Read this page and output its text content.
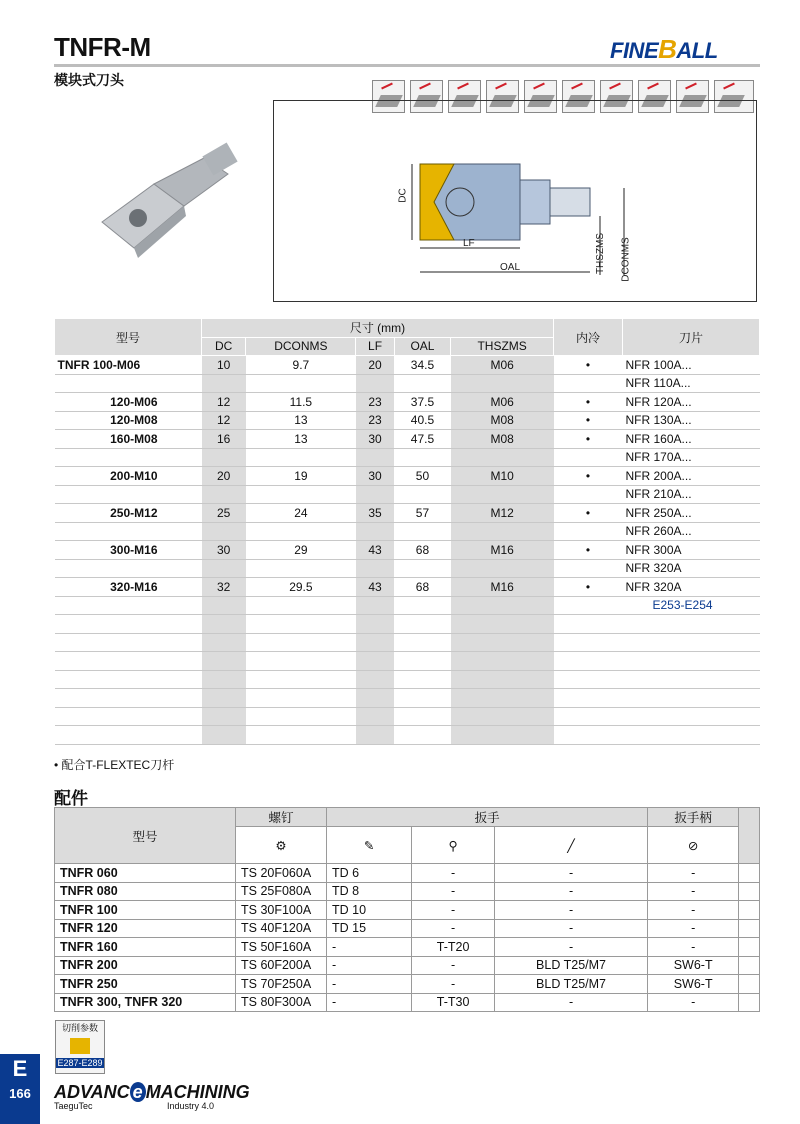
TNFR-M
模块式刀头
FINEBALL
DC
LF
OAL	THSZMS DCONMS
型号	尺寸 (mm)					内冷	刀片
	DC	DCONMS	LF	OAL	THSZMS		
TNFR 100-M06	10	9.7	20	34.5	M06	•	NFR 100A...
							NFR 110A...
120-M06	12	11.5	23	37.5	M06	•	NFR 120A...
120-M08	12	13	23	40.5	M08	•	NFR 130A...
160-M08	16	13	30	47.5	M08	•	NFR 160A...
							NFR 170A...
200-M10	20	19	30	50	M10	•	NFR 200A...
							NFR 210A...
250-M12	25	24	35	57	M12	•	NFR 250A...
							NFR 260A...
300-M16	30	29	43	68	M16	•	NFR 300A
							NFR 320A
320-M16	32	29.5	43	68	M16	•	NFR 320A
							E253-E254

• 配合T-FLEXTEC刀杆
配件
型号	螺钉	扳手			扳手柄	
	⚙	✎	⚲	╱	⊘	
TNFR 060	TS 20F060A	TD 6	-	-	-	
TNFR 080	TS 25F080A	TD 8	-	-	-	
TNFR 100	TS 30F100A	TD 10	-	-	-	
TNFR 120	TS 40F120A	TD 15	-	-	-	
TNFR 160	TS 50F160A	-	T-T20	-	-	
TNFR 200	TS 60F200A	-	-	BLD T25/M7	SW6-T	
TNFR 250	TS 70F250A	-	-	BLD T25/M7	SW6-T	
TNFR 300, TNFR 320	TS 80F300A	-	T-T30	-	-	
切削参数
E287-E289
E
166	ADVANC e MACHINING
TaeguTec	Industry 4.0
